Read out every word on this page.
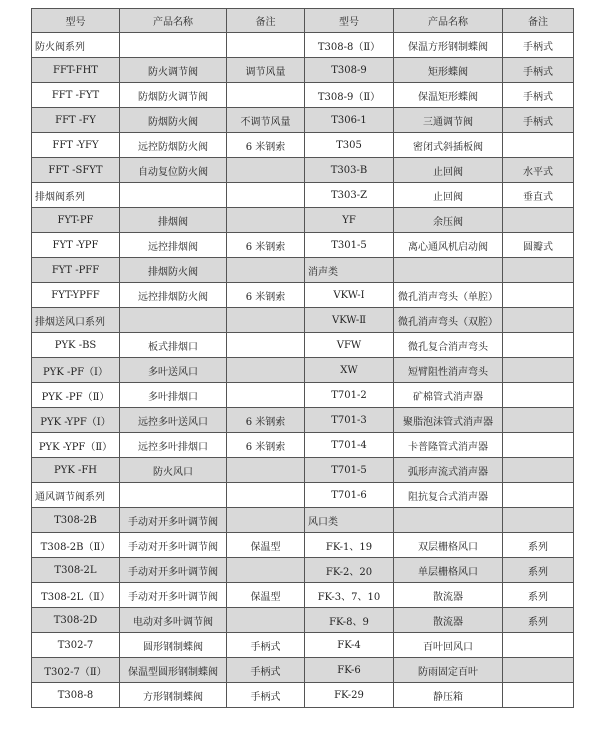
型号	产品名称	备注	型号	产品名称	备注
防火阀系列			T308-8（Ⅱ）	保温方形钢制蝶阀	手柄式
FFT-FHT	防火调节阀	调节风量	T308-9	矩形蝶阀	手柄式
FFT -FYT	防烟防火调节阀		T308-9（Ⅱ）	保温矩形蝶阀	手柄式
FFT -FY	防烟防火阀	不调节风量	T306-1	三通调节阀	手柄式
FFT -YFY	远控防烟防火阀	6 米钢索	T305	密闭式斜插板阀	
FFT -SFYT	自动复位防火阀		T303-B	止回阀	水平式
排烟阀系列			T303-Z	止回阀	垂直式
FYT-PF	排烟阀		YF	余压阀	
FYT -YPF	远控排烟阀	6 米钢索	T301-5	离心通风机启动阀	圆瓣式
FYT -PFF	排烟防火阀		消声类		
FYT-YPFF	远控排烟防火阀	6 米钢索	VKW-Ⅰ	微孔消声弯头（单腔）	
排烟送风口系列			VKW-Ⅱ	微孔消声弯头（双腔）	
PYK -BS	板式排烟口		VFW	微孔复合消声弯头	
PYK -PF（Ⅰ）	多叶送风口		XW	短臂阻性消声弯头	
PYK -PF（Ⅱ）	多叶排烟口		T701-2	矿棉管式消声器	
PYK -YPF（Ⅰ）	远控多叶送风口	6 米钢索	T701-3	聚脂泡沫管式消声器	
PYK -YPF（Ⅱ）	远控多叶排烟口	6 米钢索	T701-4	卡普隆管式消声器	
PYK -FH	防火风口		T701-5	弧形声流式消声器	
通风调节阀系列			T701-6	阻抗复合式消声器	
T308-2B	手动对开多叶调节阀		风口类		
T308-2B（Ⅱ）	手动对开多叶调节阀	保温型	FK-1、19	双层栅格风口	系列
T308-2L	手动对开多叶调节阀		FK-2、20	单层栅格风口	系列
T308-2L（Ⅱ）	手动对开多叶调节阀	保温型	FK-3、7、10	散流器	系列
T308-2D	电动对多叶调节阀		FK-8、9	散流器	系列
T302-7	圆形钢制蝶阀	手柄式	FK-4	百叶回风口	
T302-7（Ⅱ）	保温型圆形钢制蝶阀	手柄式	FK-6	防雨固定百叶	
T308-8	方形钢制蝶阀	手柄式	FK-29	静压箱	
